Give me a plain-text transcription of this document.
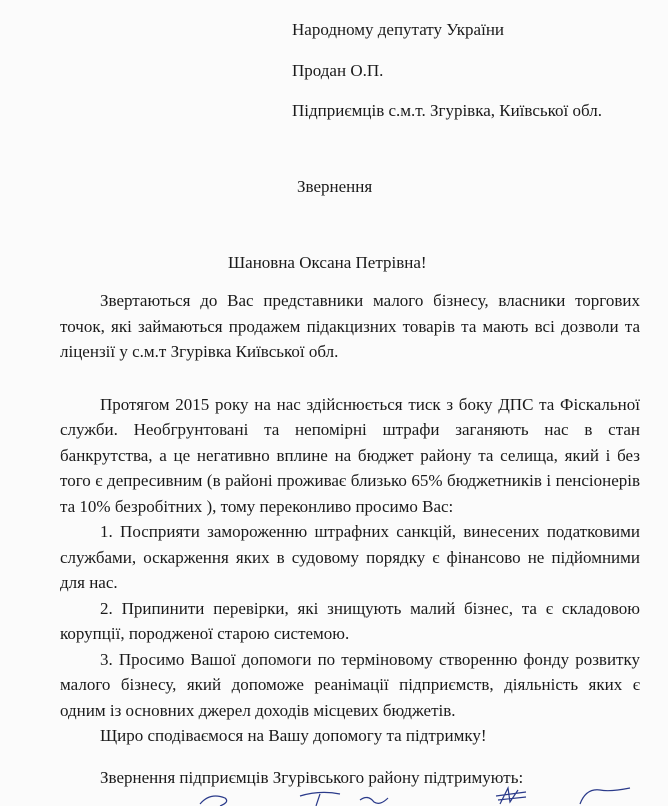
Народному депутату України
Продан О.П.
Підприємців с.м.т. Згурівка, Київської обл.
Звернення
Шановна Оксана Петрівна!

Звертаються до Вас представники малого бізнесу, власники торгових точок, які займаються продажем підакцизних товарів та мають всі дозволи та ліцензії у с.м.т Згурівка Київської обл.

Протягом 2015 року на нас здійснюється тиск з боку ДПС та Фіскальної служби. Необгрунтовані та непомірні штрафи заганяють нас в стан банкрутства, а це негативно вплине на бюджет району та селища, який і без того є депресивним (в районі проживає близько 65% бюджетників і пенсіонерів та 10% безробітних ), тому переконливо просимо Вас:

1. Посприяти замороженню штрафних санкцій, винесених податковими службами, оскарження яких в судовому порядку є фінансово не підйомними для нас.

2. Припинити перевірки, які знищують малий бізнес, та є складовою корупції, породженої старою системою.

3. Просимо Вашої допомоги по терміновому створенню фонду розвитку малого бізнесу, який допоможе реанімації підприємств, діяльність яких є одним із основних джерел доходів місцевих бюджетів.

Щиро сподіваємося на Вашу допомогу та підтримку!

Звернення підприємців Згурівського району підтримують:
